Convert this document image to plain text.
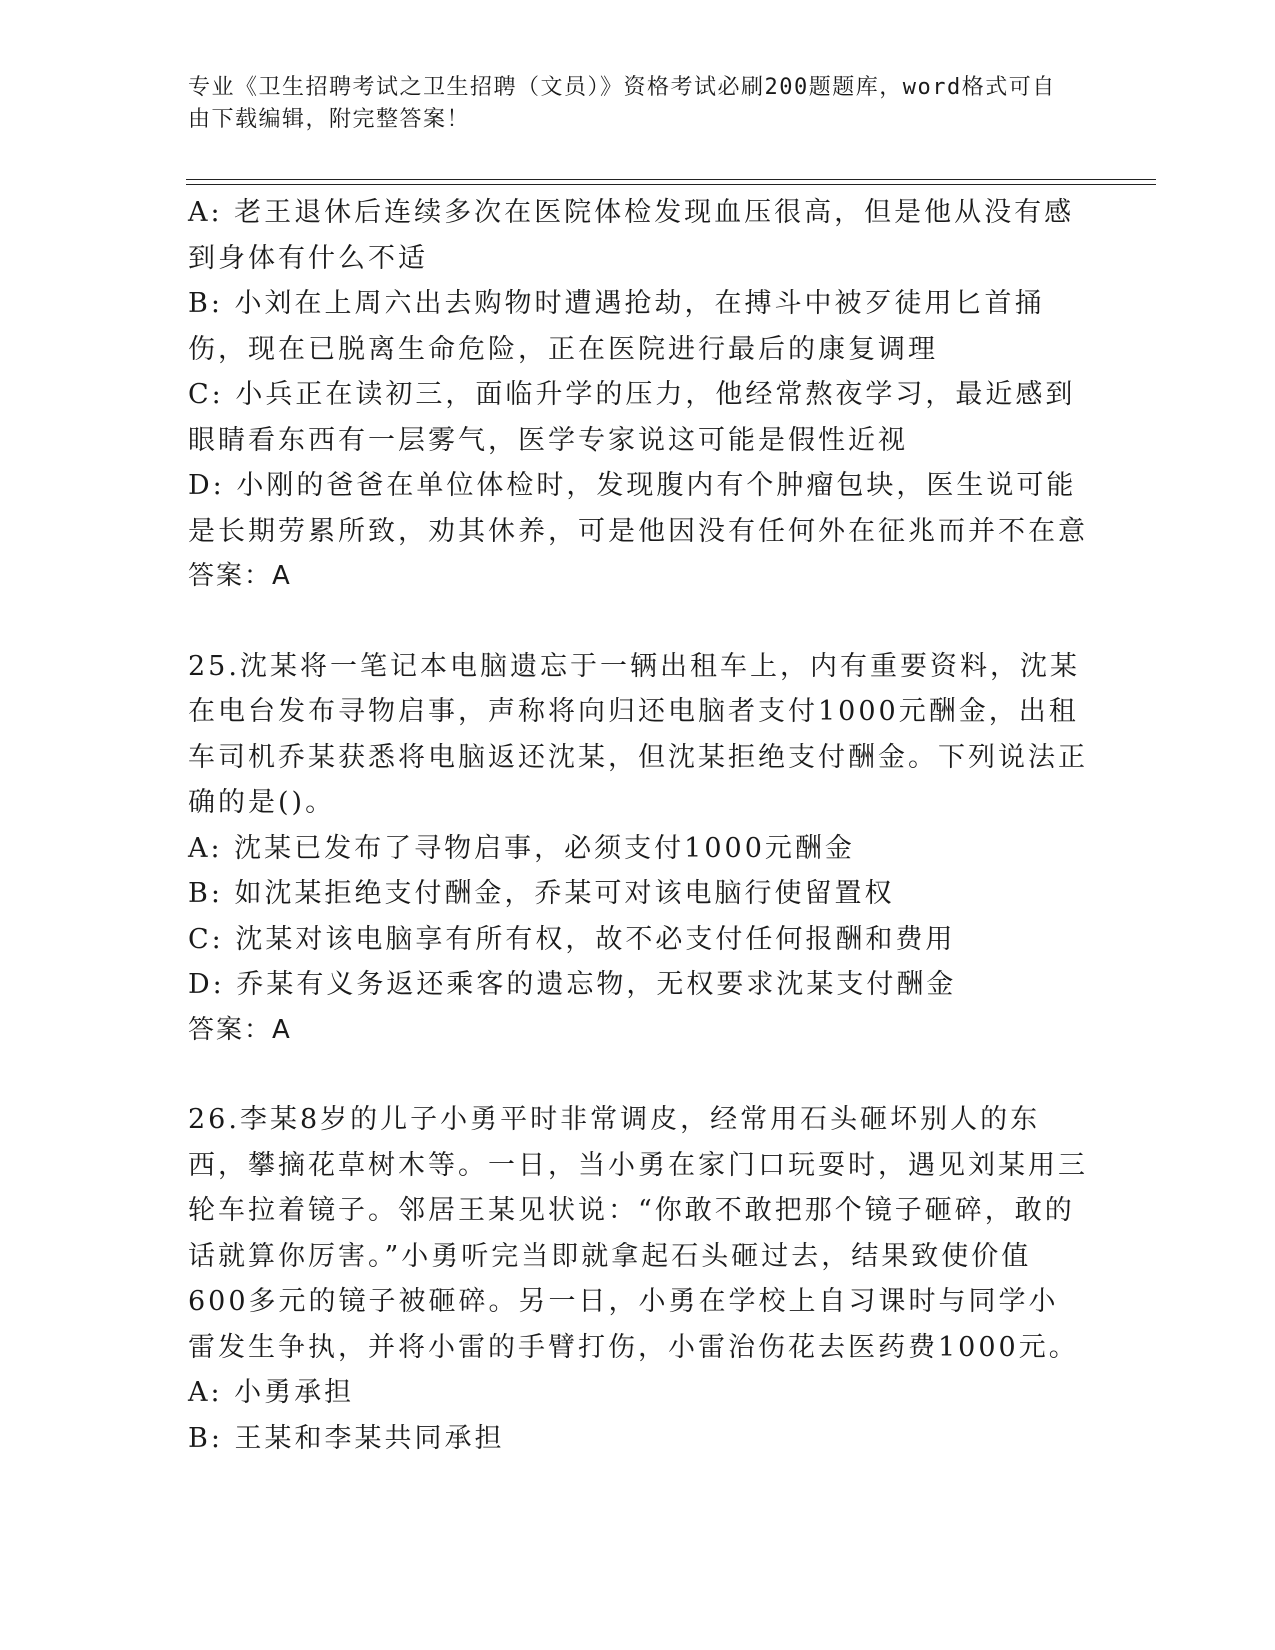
专业《卫生招聘考试之卫生招聘（文员）》资格考试必刷200题题库，word格式可自由下载编辑，附完整答案！
A: 老王退休后连续多次在医院体检发现血压很高，但是他从没有感到身体有什么不适
B: 小刘在上周六出去购物时遭遇抢劫，在搏斗中被歹徒用匕首捅伤，现在已脱离生命危险，正在医院进行最后的康复调理
C: 小兵正在读初三，面临升学的压力，他经常熬夜学习，最近感到眼睛看东西有一层雾气，医学专家说这可能是假性近视
D: 小刚的爸爸在单位体检时，发现腹内有个肿瘤包块，医生说可能是长期劳累所致，劝其休养，可是他因没有任何外在征兆而并不在意
答案：A
25.沈某将一笔记本电脑遗忘于一辆出租车上，内有重要资料，沈某在电台发布寻物启事，声称将向归还电脑者支付1000元酬金，出租车司机乔某获悉将电脑返还沈某，但沈某拒绝支付酬金。下列说法正确的是()。
A: 沈某已发布了寻物启事，必须支付1000元酬金
B: 如沈某拒绝支付酬金，乔某可对该电脑行使留置权
C: 沈某对该电脑享有所有权，故不必支付任何报酬和费用
D: 乔某有义务返还乘客的遗忘物，无权要求沈某支付酬金
答案：A
26.李某8岁的儿子小勇平时非常调皮，经常用石头砸坏别人的东西，攀摘花草树木等。一日，当小勇在家门口玩耍时，遇见刘某用三轮车拉着镜子。邻居王某见状说：“你敢不敢把那个镜子砸碎，敢的话就算你厉害。”小勇听完当即就拿起石头砸过去，结果致使价值600多元的镜子被砸碎。另一日，小勇在学校上自习课时与同学小雷发生争执，并将小雷的手臂打伤，小雷治伤花去医药费1000元。
A: 小勇承担
B: 王某和李某共同承担
